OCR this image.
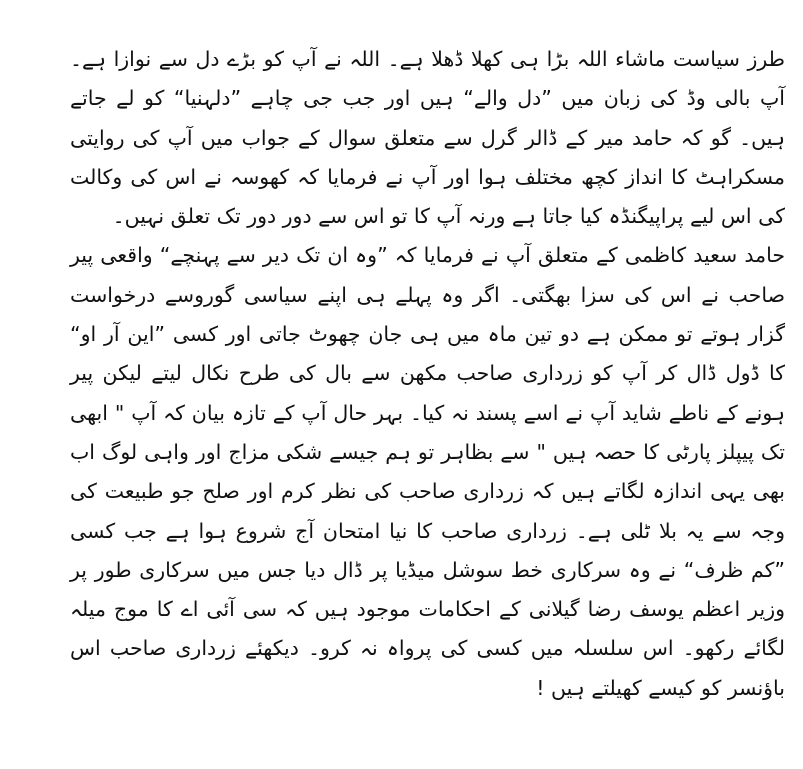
طرز سیاست ماشاء اللہ بڑا ہی کھلا ڈھلا ہے۔ اللہ نے آپ کو بڑے دل سے نوازا ہے۔ آپ بالی وڈ کی زبان میں ”دل والے“ ہیں اور جب جی چاہے ”دلہنیا“ کو لے جاتے ہیں۔ گو کہ حامد میر کے ڈالر گرل سے متعلق سوال کے جواب میں آپ کی روایتی مسکراہٹ کا انداز کچھ مختلف ہوا اور آپ نے فرمایا کہ کھوسہ نے اس کی وکالت کی اس لیے پراپیگنڈہ کیا جاتا ہے ورنہ آپ کا تو اس سے دور دور تک تعلق نہیں۔

حامد سعید کاظمی کے متعلق آپ نے فرمایا کہ ”وہ ان تک دیر سے پہنچے“ واقعی پیر صاحب نے اس کی سزا بھگتی۔ اگر وہ پہلے ہی اپنے سیاسی گوروسے درخواست گزار ہوتے تو ممکن ہے دو تین ماہ میں ہی جان چھوٹ جاتی اور کسی ”این آر او“ کا ڈول ڈال کر آپ کو زرداری صاحب مکھن سے بال کی طرح نکال لیتے لیکن پیر ہونے کے ناطے شاید آپ نے اسے پسند نہ کیا۔ بہر حال آپ کے تازہ بیان کہ آپ " ابھی تک پیپلز پارٹی کا حصہ ہیں " سے بظاہر تو ہم جیسے شکی مزاج اور واہی لوگ اب بھی یہی اندازہ لگاتے ہیں کہ زرداری صاحب کی نظر کرم اور صلح جو طبیعت کی وجہ سے یہ بلا ٹلی ہے۔ زرداری صاحب کا نیا امتحان آج شروع ہوا ہے جب کسی ”کم ظرف“ نے وہ سرکاری خط سوشل میڈیا پر ڈال دیا جس میں سرکاری طور پر وزیر اعظم یوسف رضا گیلانی کے احکامات موجود ہیں کہ سی آئی اے کا موج میلہ لگائے رکھو۔ اس سلسلہ میں کسی کی پرواہ نہ کرو۔ دیکھئے زرداری صاحب اس باؤنسر کو کیسے کھیلتے ہیں !
